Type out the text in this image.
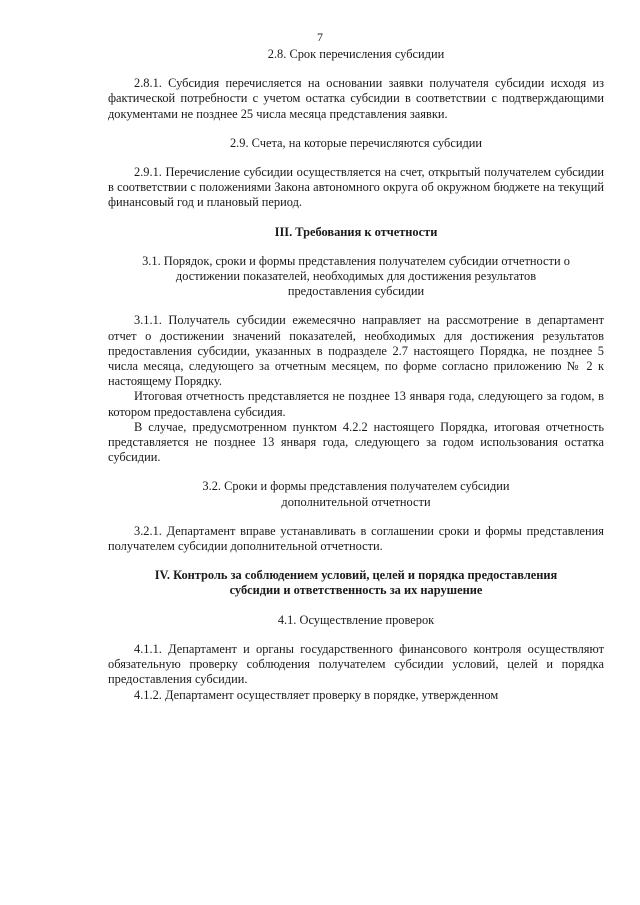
7
2.8. Срок перечисления субсидии

2.8.1. Субсидия перечисляется на основании заявки получателя субсидии исходя из фактической потребности с учетом остатка субсидии в соответствии с подтверждающими документами не позднее 25 числа месяца представления заявки.

2.9. Счета, на которые перечисляются субсидии

2.9.1. Перечисление субсидии осуществляется на счет, открытый получателем субсидии в соответствии с положениями Закона автономного округа об окружном бюджете на текущий финансовый год и плановый период.

III. Требования к отчетности
3.1. Порядок, сроки и формы представления получателем субсидии отчетности о достижении показателей, необходимых для достижения результатов предоставления субсидии

3.1.1. Получатель субсидии ежемесячно направляет на рассмотрение в департамент отчет о достижении значений показателей, необходимых для достижения результатов предоставления субсидии, указанных в подразделе 2.7 настоящего Порядка, не позднее 5 числа месяца, следующего за отчетным месяцем, по форме согласно приложению № 2 к настоящему Порядку.

Итоговая отчетность представляется не позднее 13 января года, следующего за годом, в котором предоставлена субсидия.

В случае, предусмотренном пунктом 4.2.2 настоящего Порядка, итоговая отчетность представляется не позднее 13 января года, следующего за годом использования остатка субсидии.

3.2. Сроки и формы представления получателем субсидии дополнительной отчетности

3.2.1. Департамент вправе устанавливать в соглашении сроки и формы представления получателем субсидии дополнительной отчетности.

IV. Контроль за соблюдением условий, целей и порядка предоставления субсидии и ответственность за их нарушение
4.1. Осуществление проверок

4.1.1. Департамент и органы государственного финансового контроля осуществляют обязательную проверку соблюдения получателем субсидии условий, целей и порядка предоставления субсидии.

4.1.2. Департамент осуществляет проверку в порядке, утвержденном
